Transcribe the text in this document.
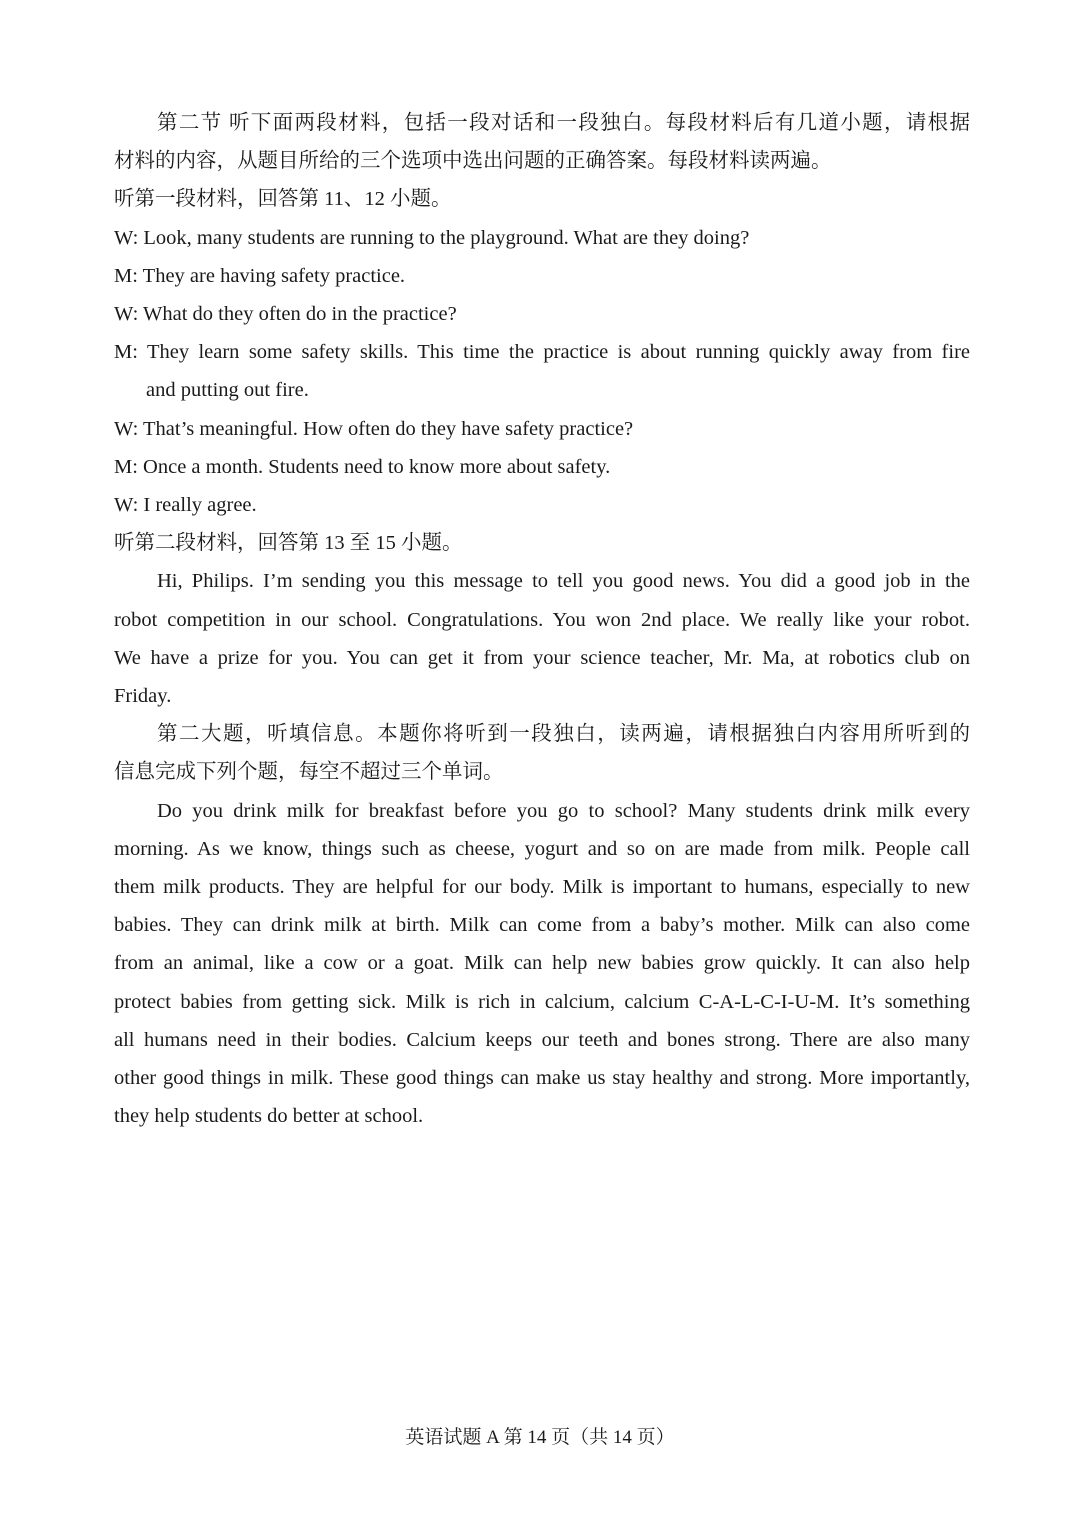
第二节 听下面两段材料，包括一段对话和一段独白。每段材料后有几道小题，请根据

材料的内容，从题目所给的三个选项中选出问题的正确答案。每段材料读两遍。

听第一段材料，回答第 11、12 小题。

W: Look, many students are running to the playground. What are they doing?

M: They are having safety practice.

W: What do they often do in the practice?

M: They learn some safety skills. This time the practice is about running quickly away from fire

and putting out fire.

W: That’s meaningful. How often do they have safety practice?

M: Once a month. Students need to know more about safety.

W: I really agree.

听第二段材料，回答第 13 至 15 小题。

Hi, Philips. I’m sending you this message to tell you good news. You did a good job in the

robot competition in our school. Congratulations. You won 2nd place. We really like your robot.

We have a prize for you. You can get it from your science teacher, Mr. Ma, at robotics club on

Friday.

第二大题，听填信息。本题你将听到一段独白，读两遍，请根据独白内容用所听到的

信息完成下列个题，每空不超过三个单词。

Do you drink milk for breakfast before you go to school? Many students drink milk every

morning. As we know, things such as cheese, yogurt and so on are made from milk. People call

them milk products. They are helpful for our body. Milk is important to humans, especially to new

babies. They can drink milk at birth. Milk can come from a baby’s mother. Milk can also come

from an animal, like a cow or a goat. Milk can help new babies grow quickly. It can also help

protect babies from getting sick. Milk is rich in calcium, calcium C-A-L-C-I-U-M. It’s something

all humans need in their bodies. Calcium keeps our teeth and bones strong. There are also many

other good things in milk. These good things can make us stay healthy and strong. More importantly,

they help students do better at school.

英语试题 A 第 14 页（共 14 页）
